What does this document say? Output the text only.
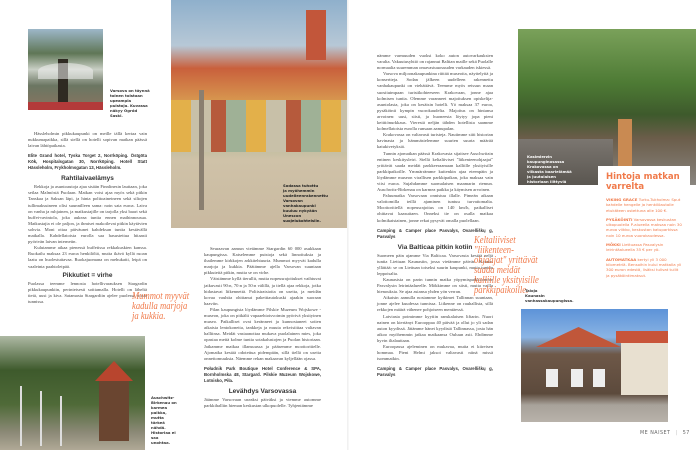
Varsova on täynnä toinen toistaan upeampia puistoja. Kuvassa näkyy Ogród Saski.

Hässleholmin pikkukaupunki on meille tällä kertaa vain nukkumapaikka, sillä siellä on hotelli sopivan matkan päässä laivan lähtöpaikasta.

Elite Grand hotel, Tyska Torget 2, Norrköping. Östgöta Kök, Hospitalsgatan 30, Norrköping. Hotell Statt Hässleholm, Frykholmsgatan 13, Hässleholm.

Rahtilaivaelämys

Rekkoja ja asuntoautoja ajaa sisään Finnlinesin lauttaan, joka seilaa Malmöstä Puolaan. Matkan voisi ajaa myös sekä pitkin Tanskaa ja Saksan läpi, ja hinta polttoaineineen sekä siltojen tullimaksuineen olisi suunnilleen sama: noin sata euroa. Laiva on vanha ja ruhjainen, ja matkustajille on tarjolla yksi baari sekä buffet-ravintola, joka aukeaa tuntia ennen maihinnousua. Matkustajia ei ole paljon, ja ihmiset makoilevat pitkin käytävien sohvia. Moni ottaa päiväunet kahdeksan tuntia kestävällä matkalla. Kahdellatoista eurolla saa hasustettua hitaasti pyörivän laivan internetin.

Kulutamme aikaa pienessä buffetissa rekkakuskien kanssa. Ruokailu maksaa 23 euroa henkilöltä, mutta ikävä kyllä ruoan laatu on huolestuttavaa. Ruokajuomana on mehukatti, leipä on vaaleinta paahtoleipää.

Pikkutiet = virhe

Puolassa teemme lennosta hotellivarauksen Stargardin pikkukaupunkiin, perinteisesti soittamalla. Hotelli on läheltä tietä, uusi ja kiva. Satamasta Stargardiin ajelee puolessa toista tunnissa.	Mummot myyvät kadulla marjoja ja kukkia.
Auschwitz-Birkenau on karmea paikka, mutta tärkeä nähdä. Historiaa ei saa unohtaa.
Sodassa tuhottu ja myöhemmin uudelleenrakennettu Varsovan vanhakaupunki kuuluu nykyään Unescon suojelukohteisiin.

Seuraavan aamun vietämme Stargardin 60 000 asukkaan kaupungissa. Katselemme puistoja sekä linnoituksia ja ihailemme kirkkojen arkkitehtuuria. Mummot myyvät kadulla marjoja ja kukkia. Päätämme ajella Varsovan suuntaan pikkuteitä pitkin, mutta se on virhe.

Väistämme kyllä tierullit, mutta nopeusrajoitukset vaihtuvat jatkuvasti 90:n, 70:n ja 50:n välillä, ja tiellä ajaa rekkoja, jotka hidastavat liikennettä. Poliisiratsioita on useita, ja meidän kovaa vauhtia ohittanut pakettiautokuski ajaakin suoraan haaviin.

Pilan kaupungista löydämme Pilskie Muzeum Wojskowe -museon, joka on pitkälti vapaaehtoisvoimin pyörivä yksityinen museo. Paikalliset ovat keränneet ja kunnostaneet sotien aikaisia lentokoneita, tankkeja ja muuta rekvisiittaa valtavan halliinsa. Meidät vastaanottaa mukava puolalainen mies, joka opastaa meitä kolme tuntia sotakalustojen ja Puolan historiaan. Jatkamme matkaa illansuussa ja pääsemme moottoritielle. Ajomatka kestää odotettua pidempään, sillä tiellä on useita onnettomuuksia. Näemme rekan makaavan kyljellään ojassa.

Południk Park Boutique Hotel Conference & SPA, Bornholmska 48, Stargard. Pilskie Muzeum Wojskowe, Lotnisko, Piła.

Levähdys Varsovassa

Jäämme Varsovaan useaksi päiväksi ja viemme automme parkkihalliin hieman keskustan ulkopuolelle. Tyhjentämme

nämme varmuuden vuoksi koko auton autovarkauksien varalta. Vakuutusyhtiö on rajannut Baltian maille sekä Puolalle normaalia suuremman omavastuuosuuden varkauden iskiessä.

Varsova miljoonakaupunkina riittää museoita, näyttelyitä ja konsertteja. Sodan jälkeen uudelleen rakennettu vanhakaupunki on viehättävä. Teemme myös reissun maan suosituimpaan turistikohteeseen Krakovaan, jonne ajaa kolmisen tuntia. Olemme varanneet majoituksen opiskelija-asuntolasta, joka on kesäisin hotelli. Yö maksaa 37 euroa, pysäköinti kympin vuorokaudelta. Majoitus on hintansa arvoinen: uusi, siisti, ja huoneesta löytyy jopa pieni keittiönurkkaus. Vierestä neljän tähden hotellista saamme kolmellatoista eurolla runsaan aamupalan.

Krakovassa on valtavasti turisteja. Nautimme siiti historian havinasta ja hämmästelemme suurien suurta määrää katukivetyksiä.

Tunnin ajomatkan päässä Krakovasta sijaitsee Auschwitzin entinen keskitysleiri. Siellä keltaliiviset "liikenteenohjaajat" yrittävät saada meidät parkkeeraamaan kalliille yksityisille parkkipaikoille. Ymmärrämme kuitenkin ajaa eteenpäin ja löydämme museon virallisen parkkipaikan, joka maksaa vain viisi euroa. Sujahdamme suomalaisen maamarin riemun. Auschwitz-Birkenau on karmea paikka ja käymisen arvoinen.

Paluumatka Varsovaan onnistuu illalle. Pimeän aikaan valottomilla teillä ajaminen tuntuu turvattomalta. Moottoritiellä nopeusrajoitus on 140 km/h, paikalliset ohittavat kaasuttaen. Onneksi tie on osalla matkaa kolmikaistainen, jonne rekat pysyvät omalla puolellaan.

Camping & Camper place Pasvalys, Ovarelliškų g, Pasvalys

Via Balticaa pitkin kotiin

Suomeen päin ajamme Via Balticaa. Varsovasta kestää neljä tuntia Liettuan Kaunasiin, jossa vietämme päivän. Kaunas yllättää: se on Liettuan toiseksi suurin kaupunki, mutta tuntuu leppoisalta.

Kaunasista on parin tunnin matka yöpymispaikkaamme Pasvalysin leirintäalueelle. Mökkimme on siisti, mutta vailla hienouksia. Se ajaa asiansa yhden yön verran.

Aikaisin aamulla nostamme kytkimet Tallinnan suuntaan, jonne ajelee kuudessa tunnissa. Liikenne on rauhallista, sillä rekkojen määrä vähenee pohjoiseen mentäessä.

Latviasta poimimme kyytiin ranskalaisen liftarin. Nuori nainen on kiertänyt Eurooppaa 40 päivää ja ollut jo yli sadan auton kyydissä. Jätämme hänet kyydistä Tallinnassa, josta hän aikoo myöhemmin jatkaa matkaansa Ouluun asti. Ehdimme hyvin iltalauttaan.

Euroopassa ajeleminen on mukavaa, mutta ei kiireisen hommaa. Pieni Helmi jaksoi valtavasti niinä missä isommatkin.

Camping & Camper place Pasvalys, Ovarelliškų g, Pasvalys

Keltaliiviset "liikenteen-ohjaajat" yrittävät saada meidät kalliille yksityisille parkkipaikoille.
Kasimierzin kaupunginosassa Krakovassa on vilkasta baarielämää ja juutalaisen historiaan liittyviä nähtävyyksiä.
Hintoja matkan varrelta

VIKING GRACE Turku-Tukholma: Sput kahdelle hengelle ja henkilöautolle etukäteen ostettuna alle 100 €.

PYSÄKÖINTI Varsovassa keskustan ulkopuolella P-alueella maksaa noin 30 euroa viikko, keskustan katuparkissa noin 10 euroa vuorokaudessa.

MÖKKI Liettuassa Pasvalysin leirintäalueella 35 € per yö.

AUTOMATKAA kertyi yli 3 000 kilometriä. Bensoihin kului matkalla yli 300 euron edestä, lisäksi tulivat tullit ja pysäköintimaksut.

Taloja Kaunasin vanhassakaupungissa.
ME NAISET | 57
